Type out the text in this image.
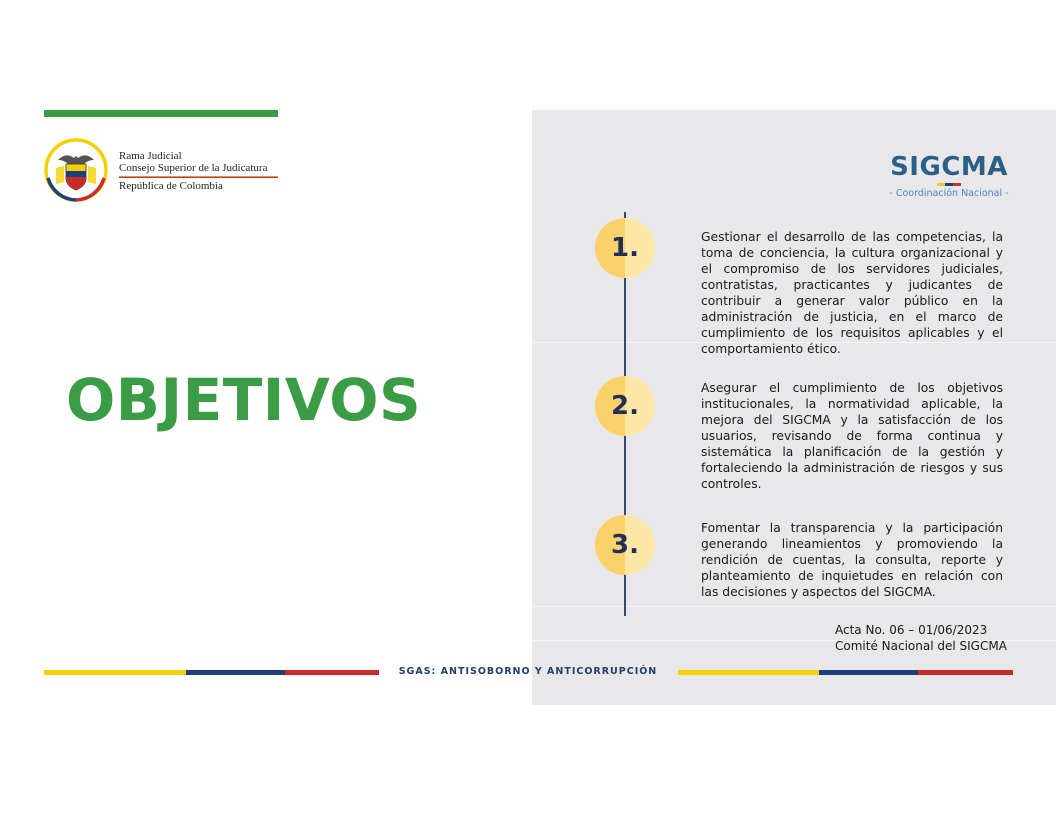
Rama Judicial
Consejo Superior de la Judicatura
República de Colombia
OBJETIVOS
SIGCMA
- Coordinación Nacional -
1.	Gestionar el desarrollo de las competencias, la toma de conciencia, la cultura organizacional y el compromiso de los servidores judiciales, contratistas, practicantes y judicantes de contribuir a generar valor público en la administración de justicia, en el marco de cumplimiento de los requisitos aplicables y el comportamiento ético.

2.

Asegurar el cumplimiento de los objetivos institucionales, la normatividad aplicable, la mejora del SIGCMA y la satisfacción de los usuarios, revisando de forma continua y sistemática la planificación de la gestión y fortaleciendo la administración de riesgos y sus controles.

3.

Fomentar la transparencia y la participación generando lineamientos y promoviendo la rendición de cuentas, la consulta, reporte y planteamiento de inquietudes en relación con las decisiones y aspectos del SIGCMA.

Acta No. 06 – 01/06/2023
Comité Nacional del SIGCMA
SGAS: ANTISOBORNO Y ANTICORRUPCIÓN
